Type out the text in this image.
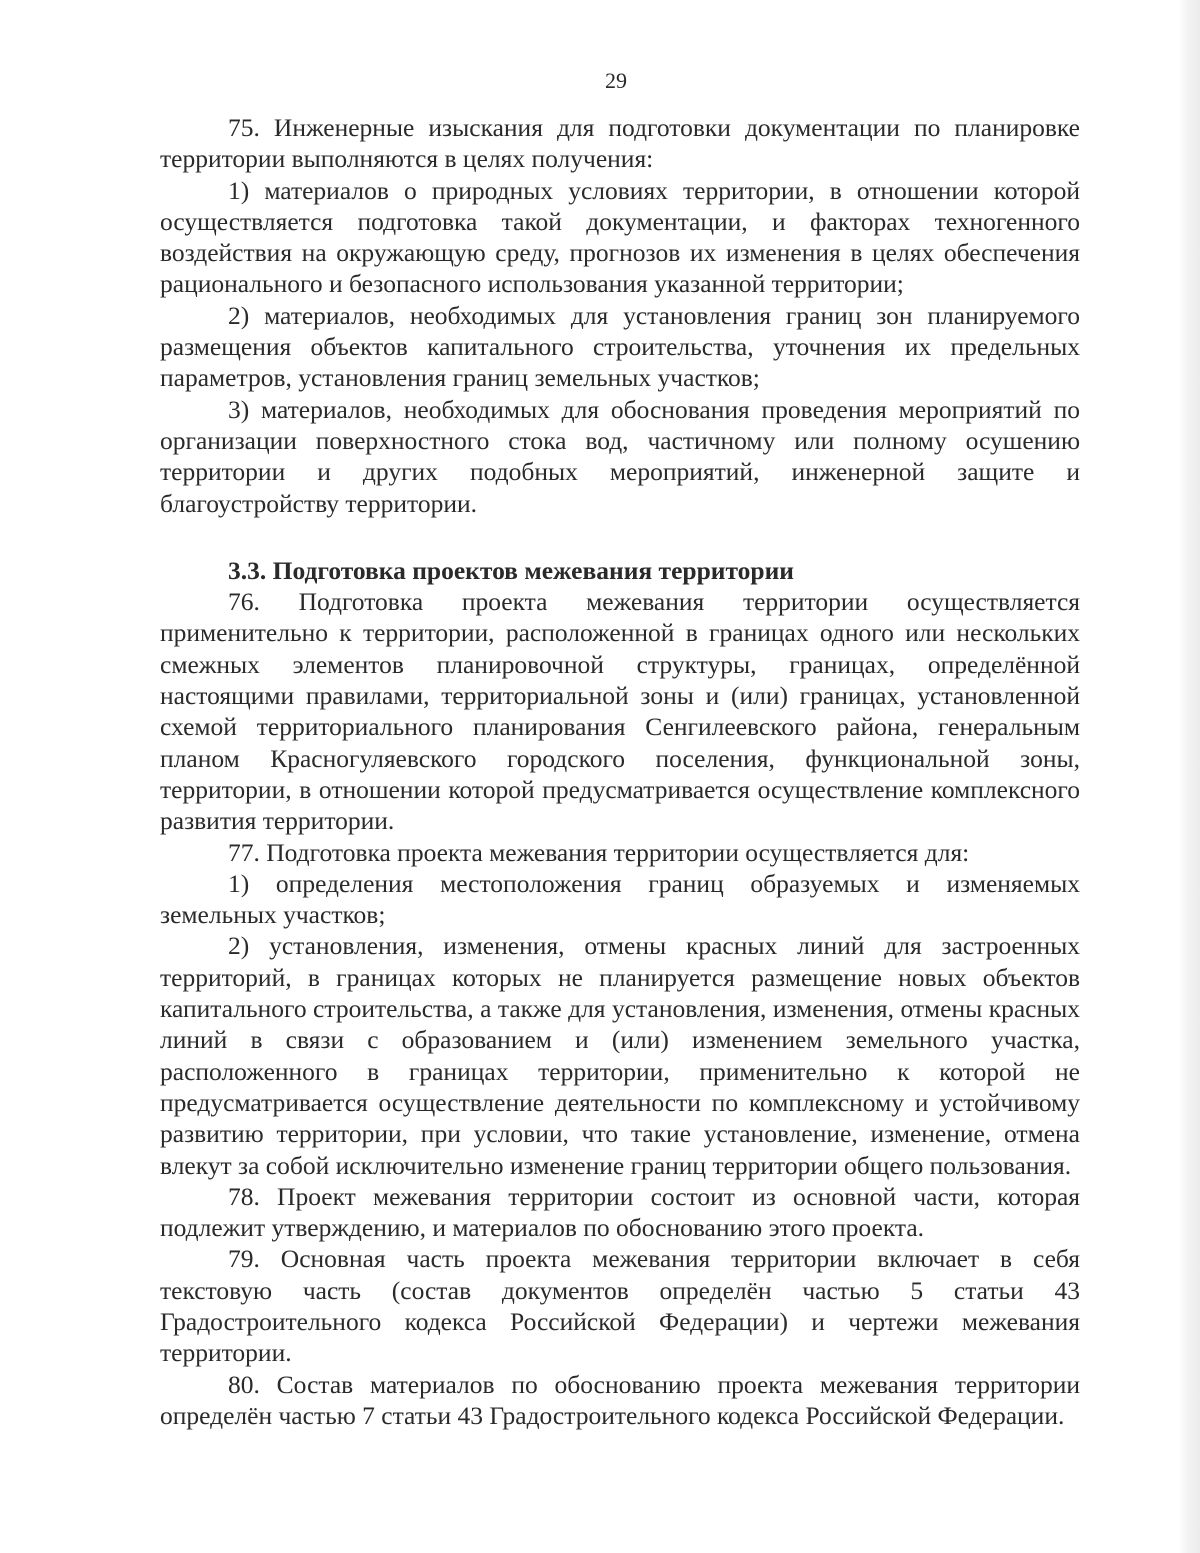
29

75. Инженерные изыскания для подготовки документации по планировке территории выполняются в целях получения:

1) материалов о природных условиях территории, в отношении которой осуществляется подготовка такой документации, и факторах техногенного воздействия на окружающую среду, прогнозов их изменения в целях обеспечения рационального и безопасного использования указанной территории;

2) материалов, необходимых для установления границ зон планируемого размещения объектов капитального строительства, уточнения их предельных параметров, установления границ земельных участков;

3) материалов, необходимых для обоснования проведения мероприятий по организации поверхностного стока вод, частичному или полному осушению территории и других подобных мероприятий, инженерной защите и благоустройству территории.

3.3. Подготовка проектов межевания территории

76. Подготовка проекта межевания территории осуществляется применительно к территории, расположенной в границах одного или нескольких смежных элементов планировочной структуры, границах, определённой настоящими правилами, территориальной зоны и (или) границах, установленной схемой территориального планирования Сенгилеевского района, генеральным планом Красногуляевского городского поселения, функциональной зоны, территории, в отношении которой предусматривается осуществление комплексного развития территории.

77. Подготовка проекта межевания территории осуществляется для:

1) определения местоположения границ образуемых и изменяемых земельных участков;

2) установления, изменения, отмены красных линий для застроенных территорий, в границах которых не планируется размещение новых объектов капитального строительства, а также для установления, изменения, отмены красных линий в связи с образованием и (или) изменением земельного участка, расположенного в границах территории, применительно к которой не предусматривается осуществление деятельности по комплексному и устойчивому развитию территории, при условии, что такие установление, изменение, отмена влекут за собой исключительно изменение границ территории общего пользования.

78. Проект межевания территории состоит из основной части, которая подлежит утверждению, и материалов по обоснованию этого проекта.

79. Основная часть проекта межевания территории включает в себя текстовую часть (состав документов определён частью 5 статьи 43 Градостроительного кодекса Российской Федерации) и чертежи межевания территории.

80. Состав материалов по обоснованию проекта межевания территории определён частью 7 статьи 43 Градостроительного кодекса Российской Федерации.
